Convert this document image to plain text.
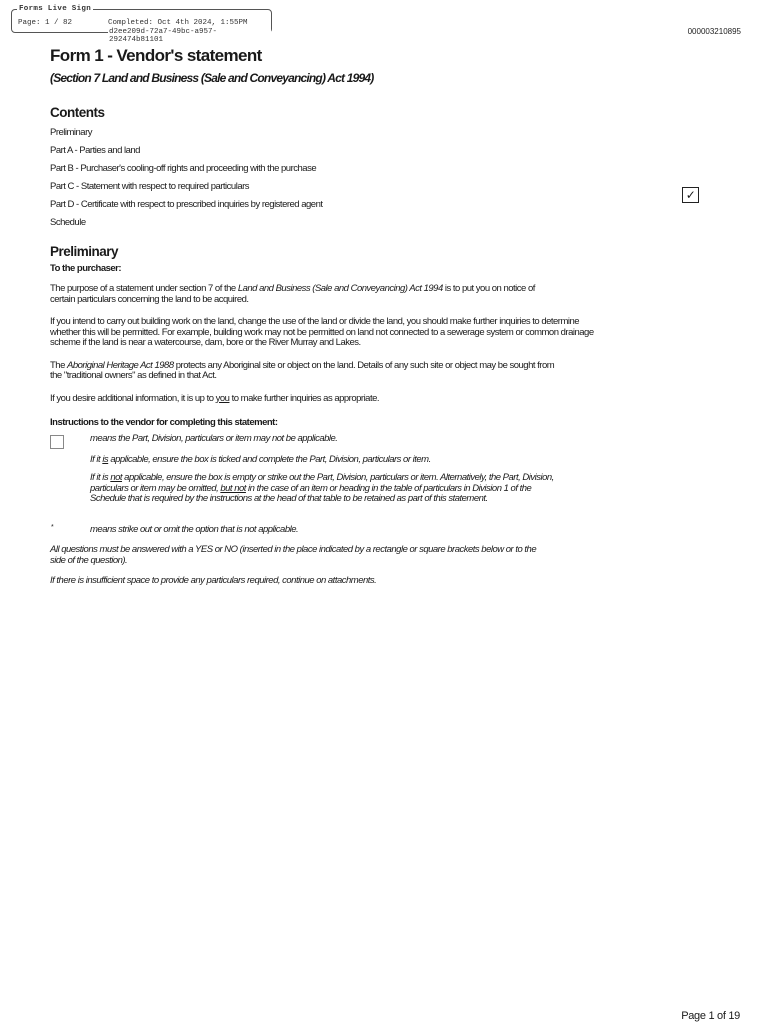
Forms Live Sign
Page: 1 / 82	Completed: Oct 4th 2024, 1:55PM
d2ee209d-72a7-49bc-a957-292474b81101
000003210895
Form 1 - Vendor's statement
(Section 7 Land and Business (Sale and Conveyancing) Act 1994)
Contents
Preliminary
Part A - Parties and land
Part B - Purchaser's cooling-off rights and proceeding with the purchase
Part C - Statement with respect to required particulars
Part D - Certificate with respect to prescribed inquiries by registered agent
✓
Schedule
Preliminary
To the purchaser:

The purpose of a statement under section 7 of the Land and Business (Sale and Conveyancing) Act 1994 is to put you on notice of certain particulars concerning the land to be acquired.

If you intend to carry out building work on the land, change the use of the land or divide the land, you should make further inquiries to determine whether this will be permitted. For example, building work may not be permitted on land not connected to a sewerage system or common drainage scheme if the land is near a watercourse, dam, bore or the River Murray and Lakes.

The Aboriginal Heritage Act 1988 protects any Aboriginal site or object on the land. Details of any such site or object may be sought from the "traditional owners" as defined in that Act.

If you desire additional information, it is up to you to make further inquiries as appropriate.

Instructions to the vendor for completing this statement:

means the Part, Division, particulars or item may not be applicable.

If it is applicable, ensure the box is ticked and complete the Part, Division, particulars or item.

If it is not applicable, ensure the box is empty or strike out the Part, Division, particulars or item. Alternatively, the Part, Division, particulars or item may be omitted, but not in the case of an item or heading in the table of particulars in Division 1 of the Schedule that is required by the instructions at the head of that table to be retained as part of this statement.

*	means strike out or omit the option that is not applicable.

All questions must be answered with a YES or NO (inserted in the place indicated by a rectangle or square brackets below or to the side of the question).

If there is insufficient space to provide any particulars required, continue on attachments.

Page 1 of 19
